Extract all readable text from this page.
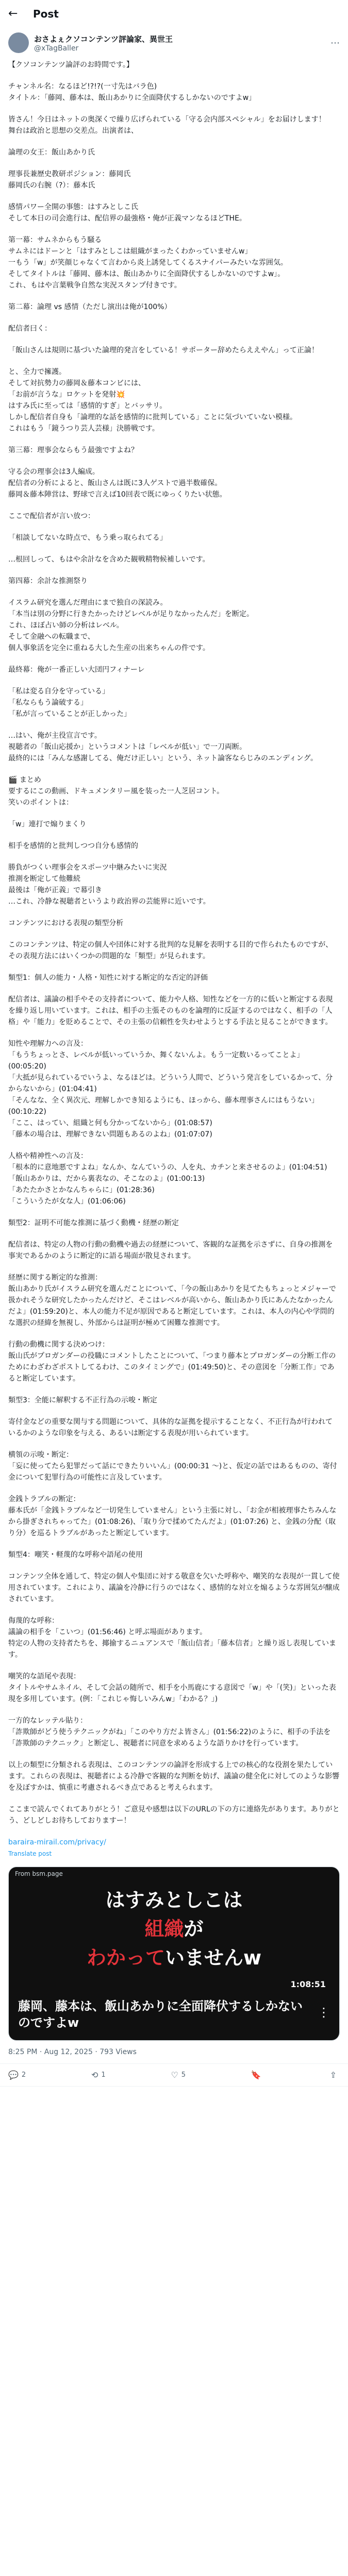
← Post
おさよぇクソコンテンツ評論家、異世王
@xTagBaller	⋯

【クソコンテンツ論評のお時間です。】

チャンネル名：なるほど!?!?(一寸先はバラ色)
タイトル：「藤岡、藤本は、飯山あかりに全面降伏するしかないのですよw」

皆さん！今日はネットの奥深くで繰り広げられている「守る会内部スペシャル」をお届けします！
舞台は政治と思想の交差点。出演者は、

論理の女王：飯山あかり氏

理事長兼歴史教研ポジション：藤岡氏
藤岡氏の右腕（?）：藤本氏

感情パワー全開の事態：はすみとしこ氏
そして本日の司会進行は、配信界の最強格・俺が正義マンなるほどTHE。

第一幕：サムネからもう騒る
サムネにはドーンと「はすみとしこは組織がまったくわかっていませんw」
一もう「w」が笑顔じゃなくて言わから炎上誘発してくるスナイパーみたいな雰囲気。
そしてタイトルは「藤岡、藤本は、飯山あかりに全面降伏するしかないのですよw」。
これ、もはや言葉戦争自然な実況スタンプ付きです。

第二幕：論理 vs 感情（ただし演出は俺が100%）

配信者曰く：

「飯山さんは規則に基づいた論理的発言をしている！サポーター辞めたらええやん」って正論！

と、全力で擁護。
そして対抗勢力の藤岡＆藤本コンビには、
「お前が言うな」ロケットを発射💥
はすみ氏に至っては「感情的すぎ」とバッサリ。
しかし配信者自身も「論理的な話を感情的に批判している」ことに気づいていない模様。
これはもう「鏡うつり芸人芸様」決勝戦です。

第三幕：理事会ならもう最強ですよね？

守る会の理事会は3人編成。
配信者の分析によると、飯山さんは既に3人ゲストで過半数確保。
藤岡＆藤本陣営は、野球で言えば10回表で既にゆっくりたい状態。

ここで配信者が言い放つ：

「相談してないな時点で、もう乗っ取られてる」

…根回しって、もはや余計なを含めた観戦精物候補しいです。

第四幕：余計な推測祭り

イスラム研究を選んだ理由にまで独自の深読み。
「本当は別の分野に行きたかったけどレベルが足りなかったんだ」を断定。
これ、ほぼ占い師の分析はレベル。
そして金融への転職まで、
個人事象活を完全に重ねる大した生産の出来ちゃんの件です。

最終幕：俺が一番正しい大団円フィナーレ

「私は変る自分を守っている」
「私ならもう論破する」
「私が言っていることが正しかった」

…はい、俺が主役宣言です。
視聴者の「飯山応援か」というコメントは「レベルが低い」で一刀両断。
最終的には「みんな感謝してる、俺だけ正しい」という、ネット論客ならじみのエンディング。

🎬 まとめ
要するにこの動画、ドキュメンタリー風を装った一人芝居コント。
笑いのポイントは：

「w」連打で煽りまくり

相手を感情的と批判しつつ自分も感情的

勝負がつくい理事会をスポーツ中継みたいに実況
推測を断定して他難続
最後は「俺が正義」で幕引き
…これ、冷静な視聴者というより政治界の芸能界に近いです。

コンテンツにおける表現の類型分析

このコンテンツは、特定の個人や団体に対する批判的な見解を表明する目的で作られたものですが、その表現方法にはいくつかの問題的な「類型」が見られます。

類型1：個人の能力・人格・知性に対する断定的な否定的評価

配信者は、議論の相手やその支持者について、能力や人格、知性などを一方的に低いと断定する表現を繰り返し用いています。これは、相手の主張そのものを論理的に反証するのではなく、相手の「人格」や「能力」を貶めることで、その主張の信頼性を失わせようとする手法と見ることができます。

知性や理解力への言及：
「もうちょっとさ、レベルが低いっていうか、舞くないんよ。もう一定数いるってことよ」(00:05:20)
「大抵が見られているでいうよ、なるほどは。どういう人間で、どういう発言をしているかって、分からないから」(01:04:41)
「そんなな、全く異次元、理解しかでき知るようにも、ほっから、藤本理事さんにはもうない」(00:10:22)
「ここ、はってい、組織と何も分かってないから」(01:08:57)
「藤本の場合は、理解できない問題もあるのよね」(01:07:07)

人格や精神性への言及：
「根本的に意地悪ですよね」なんか、なんていうの、人を丸、カチンと来させるのよ」(01:04:51)
「飯山あかりは、だから裏表なの、そこなのよ」(01:00:13)
「あたたかさとかなんちゃらに」(01:28:36)
「こういうたが女な人」(01:06:06)

類型2：証明不可能な推測に基づく動機・経歴の断定

配信者は、特定の人物の行動の動機や過去の経歴について、客観的な証拠を示さずに、自身の推測を事実であるかのように断定的に語る場面が散見されます。

経歴に関する断定的な推測：
飯山あかり氏がイスラム研究を選んだことについて、「今の飯山あかりを見てたもちょっとメジャーで扱かれそうな研究したかったんだけど、そこはレベルが高いから、飯山あかり氏にあんたなかったんだよ」(01:59:20)と、本人の能力不足が原因であると断定しています。これは、本人の内心や学問的な選択の経緯を無視し、外部からは証明が極めて困難な推測です。

行動の動機に関する決めつけ：
飯山氏がプロガンダーの役職にコメントしたことについて、「つまり藤本とプロガンダーの分断工作のためにわざわざポストしてるわけ、このタイミングで」(01:49:50)と、その意図を「分断工作」であると断定しています。

類型3：全能に解釈する不正行為の示唆・断定

寄付金などの重要な関与する問題について、具体的な証拠を提示することなく、不正行為が行われているかのような印象を与える、あるいは断定する表現が用いられています。

横領の示唆・断定：
「妄に使ってたら犯罪だって話にできたりいいん」(00:00:31 〜)と、仮定の話ではあるものの、寄付金について犯罪行為の可能性に言及しています。

金銭トラブルの断定：
藤本氏が「金銭トラブルなど一切発生していません」という主張に対し、「お金が相被理事たちみんなから掛ぎされちゃってた」(01:08:26)、「取り分で揉めてたんだよ」(01:07:26) と、金銭の分配（取り分）を巡るトラブルがあったと断定しています。

類型4：嘲笑・軽蔑的な呼称や語尾の使用

コンテンツ全体を通して、特定の個人や集団に対する敬意を欠いた呼称や、嘲笑的な表現が一貫して使用されています。これにより、議論を冷静に行うのではなく、感情的な対立を煽るような雰囲気が醸成されています。

侮蔑的な呼称：
議論の相手を「こいつ」(01:56:46) と呼ぶ場面があります。
特定の人物の支持者たちを、揶揄するニュアンスで「飯山信者」「藤本信者」と繰り返し表現しています。

嘲笑的な語尾や表現：
タイトルやサムネイル、そして会話の随所で、相手を小馬鹿にする意図で「w」や「(笑)」といった表現を多用しています。(例：「これじゃ悔しいみんw」「わかる？」)

一方的なレッテル貼り：
「詐欺師がどう使うテクニックがね」「このやり方だよ皆さん」(01:56:22)のように、相手の手法を「詐欺師のテクニック」と断定し、視聴者に同意を求めるような語りかけを行っています。

以上の類型に分類される表現は、このコンテンツの論評を形成する上での核心的な役割を果たしています。これらの表現は、視聴者による冷静で客観的な判断を妨げ、議論の健全化に対してのような影響を及ぼすかは、慎重に考慮されるべき点であると考えられます。

ここまで読んでくれてありがとう！ご意見や感想は以下のURLの下の方に連絡先があります。ありがとう、どしどしお待ちしておりますー！

baraira-mirail.com/privacy/
Translate post
From bsm.page
はすみとしこは
組織が
わかっていませんw
1:08:51
藤岡、藤本は、飯山あかりに全面降伏するしかないのですよw
⋮
8:25 PM · Aug 12, 2025 · 793 Views
💬 2	⟲ 1	♡ 5	🔖	⇪
